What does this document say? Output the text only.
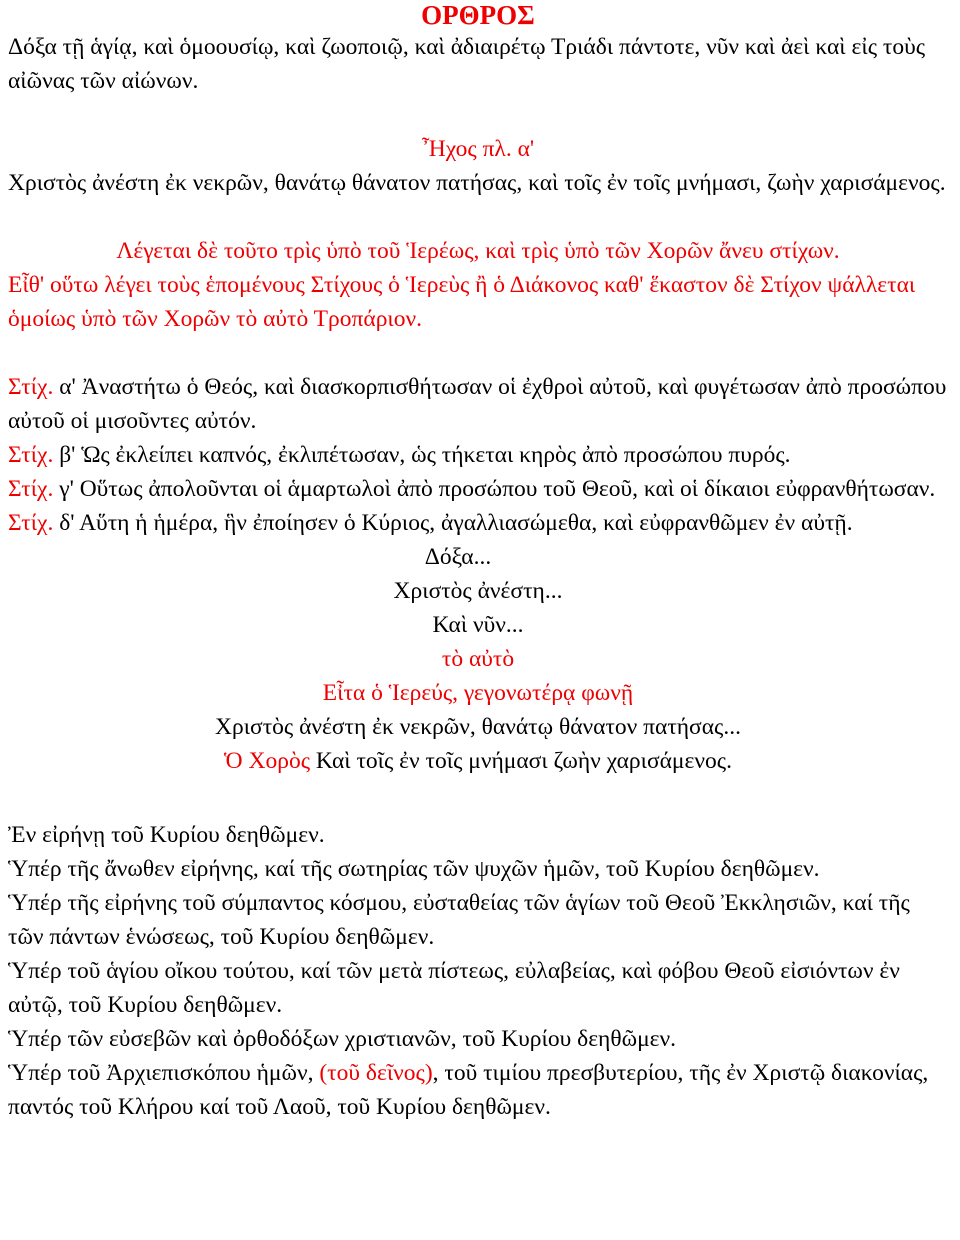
ΟΡΘΡΟΣ

Δόξα τῇ ἁγίᾳ, καὶ ὁμοουσίῳ, καὶ ζωοποιῷ, καὶ ἀδιαιρέτῳ Τριάδι πάντοτε, νῦν καὶ ἀεὶ καὶ εἰς τοὺς αἰῶνας τῶν αἰώνων.

Ἦχος πλ. α'

Χριστὸς ἀνέστη ἐκ νεκρῶν, θανάτῳ θάνατον πατήσας, καὶ τοῖς ἐν τοῖς μνήμασι, ζωὴν χαρισάμενος.

Λέγεται δὲ τοῦτο τρὶς ὑπὸ τοῦ Ἱερέως, καὶ τρὶς ὑπὸ τῶν Χορῶν ἄνευ στίχων.

Εἶθ' οὕτω λέγει τοὺς ἑπομένους Στίχους ὁ Ἱερεὺς ἢ ὁ Διάκονος καθ' ἕκαστον δὲ Στίχον ψάλλεται ὁμοίως ὑπὸ τῶν Χορῶν τὸ αὐτὸ Τροπάριον.

Στίχ. α' Ἀναστήτω ὁ Θεός, καὶ διασκορπισθήτωσαν οἱ ἐχθροὶ αὐτοῦ, καὶ φυγέτωσαν ἀπὸ προσώπου αὐτοῦ οἱ μισοῦντες αὐτόν.

Στίχ. β' Ὡς ἐκλείπει καπνός, ἐκλιπέτωσαν, ὡς τήκεται κηρὸς ἀπὸ προσώπου πυρός.

Στίχ. γ' Οὕτως ἀπολοῦνται οἱ ἁμαρτωλοὶ ἀπὸ προσώπου τοῦ Θεοῦ, καὶ οἱ δίκαιοι εὐφρανθήτωσαν.

Στίχ. δ' Αὕτη ἡ ἡμέρα, ἣν ἐποίησεν ὁ Κύριος, ἀγαλλιασώμεθα, καὶ εὐφρανθῶμεν ἐν αὐτῇ.

Δόξα...

Χριστὸς ἀνέστη...

Καὶ νῦν...

τὸ αὐτὸ

Εἶτα ὁ Ἱερεύς, γεγονωτέρᾳ φωνῇ

Χριστὸς ἀνέστη ἐκ νεκρῶν, θανάτῳ θάνατον πατήσας...

Ὁ Χορὸς Καὶ τοῖς ἐν τοῖς μνήμασι ζωὴν χαρισάμενος.

Ἐν εἰρήνῃ τοῦ Κυρίου δεηθῶμεν.

Ὑπέρ τῆς ἄνωθεν εἰρήνης, καί τῆς σωτηρίας τῶν ψυχῶν ἡμῶν, τοῦ Κυρίου δεηθῶμεν.

Ὑπέρ τῆς εἰρήνης τοῦ σύμπαντος κόσμου, εὐσταθείας τῶν ἁγίων τοῦ Θεοῦ Ἐκκλησιῶν, καί τῆς τῶν πάντων ἑνώσεως, τοῦ Κυρίου δεηθῶμεν.

Ὑπέρ τοῦ ἁγίου οἴκου τούτου, καί τῶν μετὰ πίστεως, εὐλαβείας, καὶ φόβου Θεοῦ εἰσιόντων ἐν αὐτῷ, τοῦ Κυρίου δεηθῶμεν.

Ὑπέρ τῶν εὐσεβῶν καὶ ὀρθοδόξων χριστιανῶν, τοῦ Κυρίου δεηθῶμεν.

Ὑπέρ τοῦ Ἀρχιεπισκόπου ἡμῶν, (τοῦ δεῖνος), τοῦ τιμίου πρεσβυτερίου, τῆς ἐν Χριστῷ διακονίας, παντός τοῦ Κλήρου καί τοῦ Λαοῦ, τοῦ Κυρίου δεηθῶμεν.
